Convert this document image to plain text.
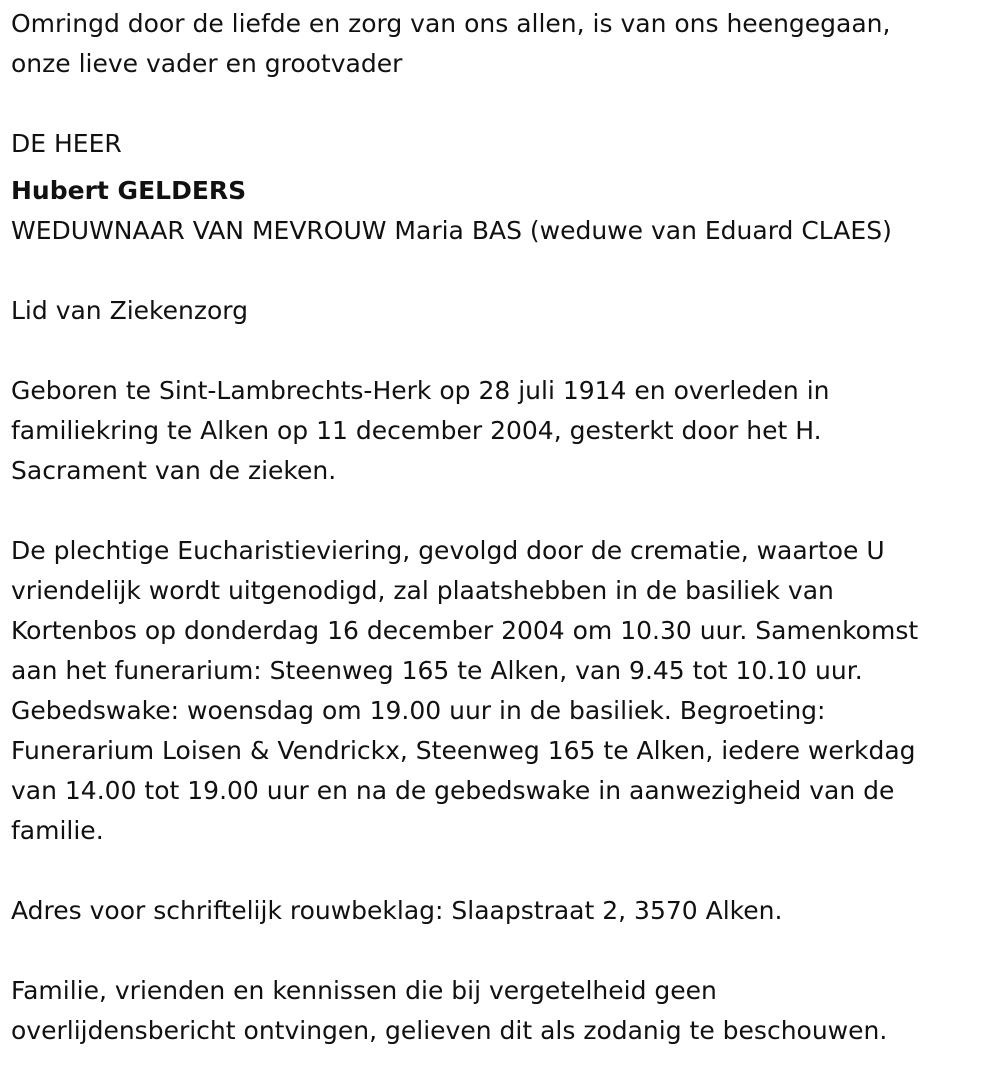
Omringd door de liefde en zorg van ons allen, is van ons heengegaan,
onze lieve vader en grootvader

DE HEER

Hubert GELDERS

WEDUWNAAR VAN MEVROUW Maria BAS (weduwe van Eduard CLAES)

Lid van Ziekenzorg

Geboren te Sint-Lambrechts-Herk op 28 juli 1914 en overleden in
familiekring te Alken op 11 december 2004, gesterkt door het H.
Sacrament van de zieken.

De plechtige Eucharistieviering, gevolgd door de crematie, waartoe U
vriendelijk wordt uitgenodigd, zal plaatshebben in de basiliek van
Kortenbos op donderdag 16 december 2004 om 10.30 uur. Samenkomst
aan het funerarium: Steenweg 165 te Alken, van 9.45 tot 10.10 uur.
Gebedswake: woensdag om 19.00 uur in de basiliek. Begroeting:
Funerarium Loisen & Vendrickx, Steenweg 165 te Alken, iedere werkdag
van 14.00 tot 19.00 uur en na de gebedswake in aanwezigheid van de
familie.

Adres voor schriftelijk rouwbeklag: Slaapstraat 2, 3570 Alken.

Familie, vrienden en kennissen die bij vergetelheid geen
overlijdensbericht ontvingen, gelieven dit als zodanig te beschouwen.
